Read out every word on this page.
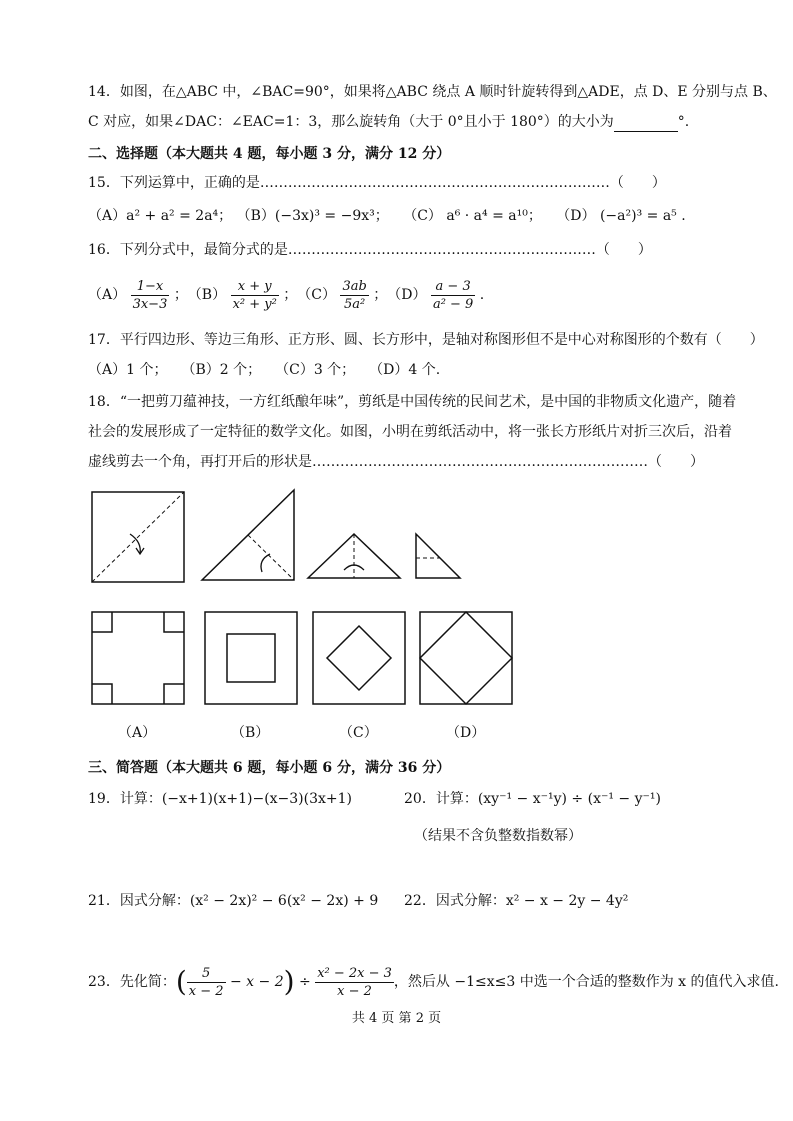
14．如图，在△ABC 中，∠BAC=90°，如果将△ABC 绕点 A 顺时针旋转得到△ADE，点 D、E 分别与点 B、
C 对应，如果∠DAC：∠EAC=1：3，那么旋转角（大于 0°且小于 180°）的大小为	°.
二、选择题（本大题共 4 题，每小题 3 分，满分 12 分）
15．下列运算中，正确的是…………………………………………………………………（　　）
（A）a² + a² = 2a⁴； （B）(−3x)³ = −9x³； （C） a⁶ · a⁴ = a¹⁰； （D） (−a²)³ = a⁵ .
16．下列分式中，最简分式的是…………………………………………………………（　　）
$(A) \frac{1-x}{3x-3}$ ；　$(B) \frac{x + y}{\text{x² + y²}}$ ；　$(C) \frac{3ab}{\text{5a²}}$ ；　$(D) \frac{a - 3}{\text{a² − 9}}$ .
17．平行四边形、等边三角形、正方形、圆、长方形中，是轴对称图形但不是中心对称图形的个数有（　　）
（A）1 个；　　（B）2 个；　　（C）3 个；　　（D）4 个.
18．“一把剪刀蕴神技，一方红纸酿年味”，剪纸是中国传统的民间艺术，是中国的非物质文化遗产，随着
社会的发展形成了一定特征的数学文化。如图，小明在剪纸活动中，将一张长方形纸片对折三次后，沿着
虚线剪去一个角，再打开后的形状是………………………………………………………………（　　）
（A）	（B）	（C）	（D）
三、简答题（本大题共 6 题，每小题 6 分，满分 36 分）
19．计算：(−x+1)(x+1)−(x−3)(3x+1)	20．计算：(xy⁻¹ − x⁻¹y) ÷ (x⁻¹ − y⁻¹)
（结果不含负整数指数幂）
21．因式分解：(x² − 2x)² − 6(x² − 2x) + 9 22．因式分解：x² − x − 2y − 4y²
23．先化简：( $\frac{5}{x - 2} - x - 2) \div \frac{\text{x² − 2x − 3}}{x - 2}$ ，然后从 −1≤x≤3 中选一个合适的整数作为 x 的值代入求值.
共 4 页 第 2 页
